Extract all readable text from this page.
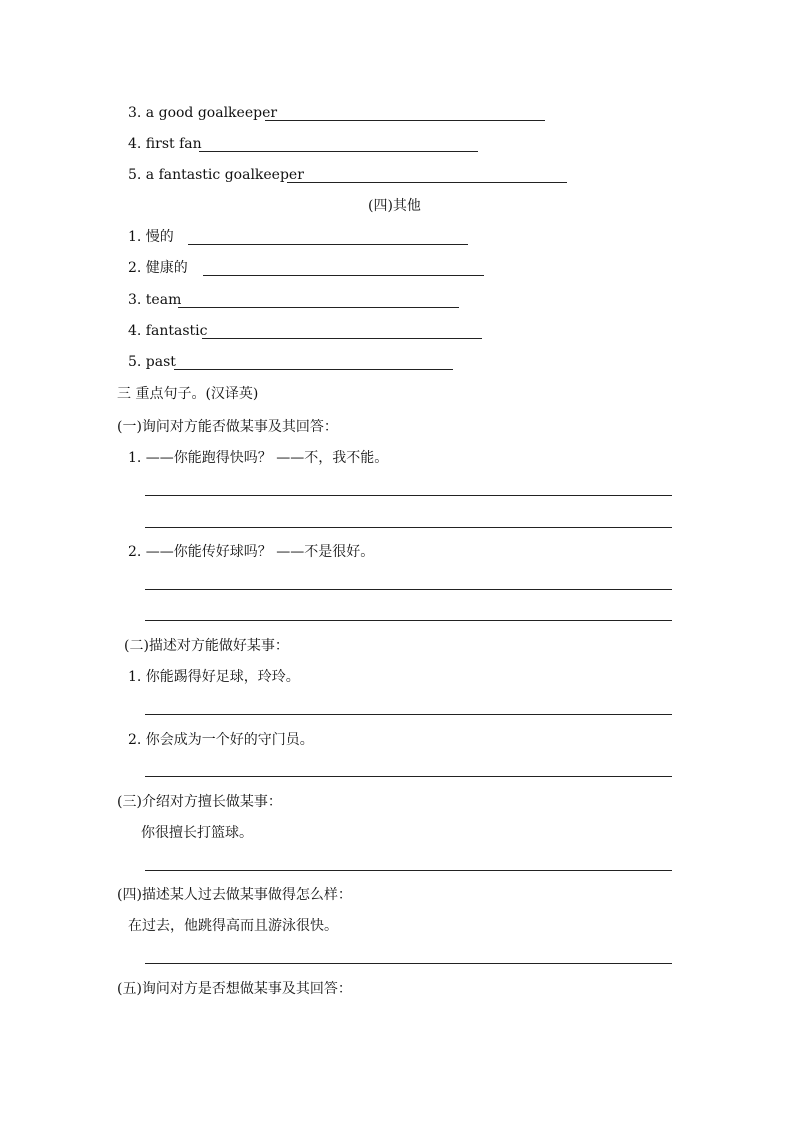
3. a good goalkeeper
4. first fan
5. a fantastic goalkeeper
(四)其他
1. 慢的
2. 健康的
3. team
4. fantastic
5. past
三 重点句子。(汉译英)
(一)询问对方能否做某事及其回答：
1. ——你能跑得快吗？ ——不，我不能。
2. ——你能传好球吗？ ——不是很好。
(二)描述对方能做好某事：
1. 你能踢得好足球，玲玲。
2. 你会成为一个好的守门员。
(三)介绍对方擅长做某事：
你很擅长打篮球。
(四)描述某人过去做某事做得怎么样：
在过去，他跳得高而且游泳很快。
(五)询问对方是否想做某事及其回答：
